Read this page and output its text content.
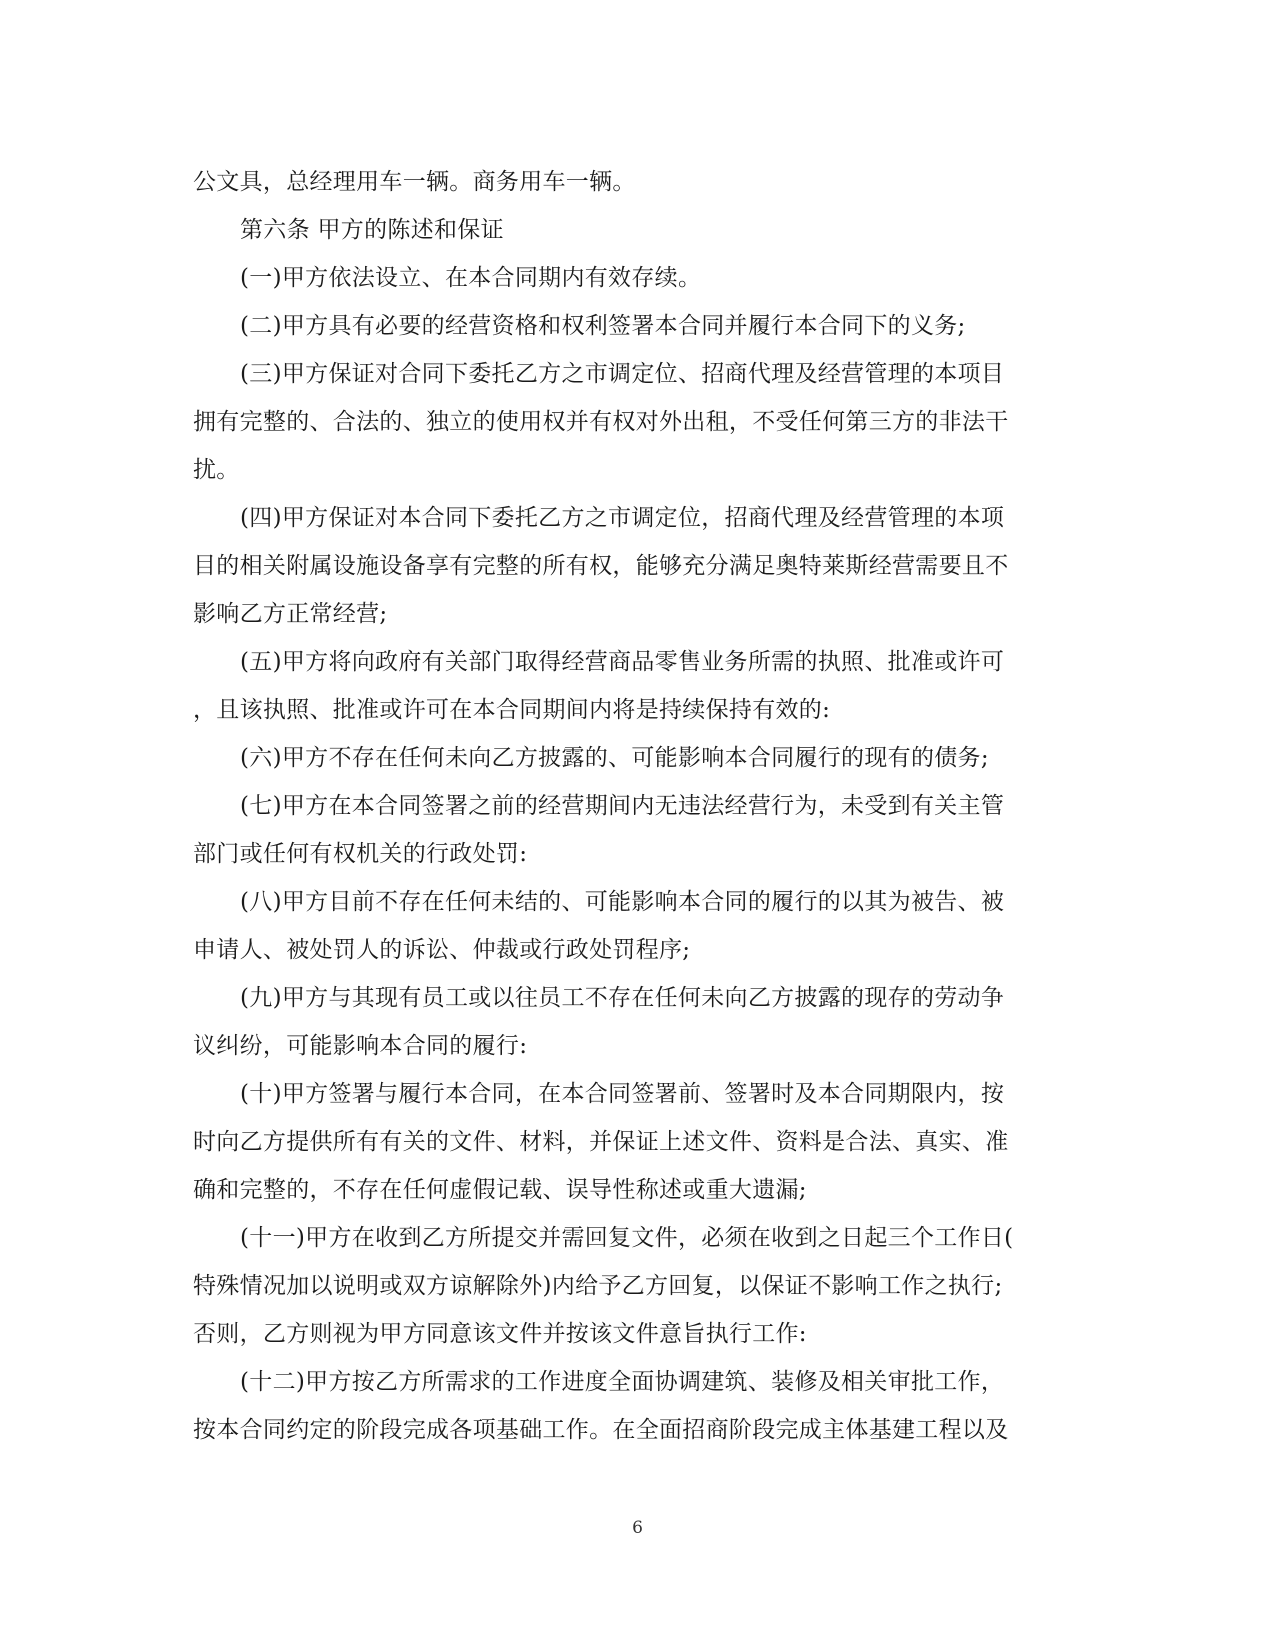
公文具，总经理用车一辆。商务用车一辆。
第六条 甲方的陈述和保证
(一)甲方依法设立、在本合同期内有效存续。
(二)甲方具有必要的经营资格和权利签署本合同并履行本合同下的义务;
(三)甲方保证对合同下委托乙方之市调定位、招商代理及经营管理的本项目
拥有完整的、合法的、独立的使用权并有权对外出租，不受任何第三方的非法干
扰。
(四)甲方保证对本合同下委托乙方之市调定位，招商代理及经营管理的本项
目的相关附属设施设备享有完整的所有权，能够充分满足奥特莱斯经营需要且不
影响乙方正常经营;
(五)甲方将向政府有关部门取得经营商品零售业务所需的执照、批准或许可
，且该执照、批准或许可在本合同期间内将是持续保持有效的:
(六)甲方不存在任何未向乙方披露的、可能影响本合同履行的现有的债务;
(七)甲方在本合同签署之前的经营期间内无违法经营行为，未受到有关主管
部门或任何有权机关的行政处罚:
(八)甲方目前不存在任何未结的、可能影响本合同的履行的以其为被告、被
申请人、被处罚人的诉讼、仲裁或行政处罚程序;
(九)甲方与其现有员工或以往员工不存在任何未向乙方披露的现存的劳动争
议纠纷，可能影响本合同的履行:
(十)甲方签署与履行本合同，在本合同签署前、签署时及本合同期限内，按
时向乙方提供所有有关的文件、材料，并保证上述文件、资料是合法、真实、准
确和完整的，不存在任何虚假记载、误导性称述或重大遗漏;
(十一)甲方在收到乙方所提交并需回复文件，必须在收到之日起三个工作日(
特殊情况加以说明或双方谅解除外)内给予乙方回复，以保证不影响工作之执行;
否则，乙方则视为甲方同意该文件并按该文件意旨执行工作:
(十二)甲方按乙方所需求的工作进度全面协调建筑、装修及相关审批工作，
按本合同约定的阶段完成各项基础工作。在全面招商阶段完成主体基建工程以及
6
